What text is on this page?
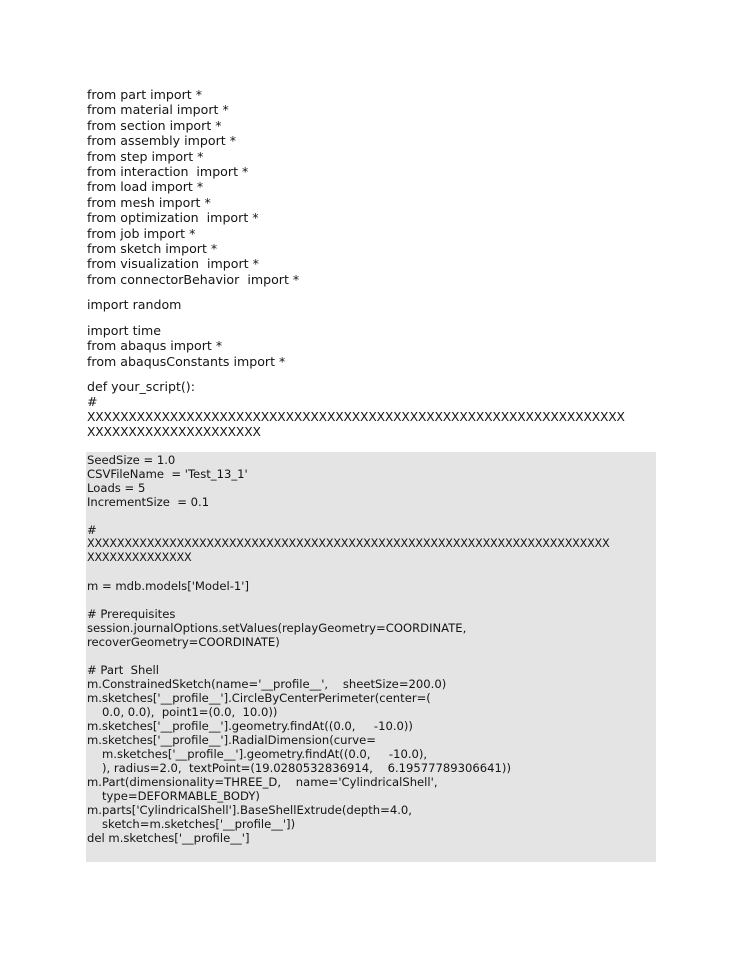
from part import *
from material import *
from section import *
from assembly import *
from step import *
from interaction  import *
from load import *
from mesh import *
from optimization  import *
from job import *
from sketch import *
from visualization  import *
from connectorBehavior  import *
import random
import time
from abaqus import *
from abaqusConstants import *
def your_script():
#
XXXXXXXXXXXXXXXXXXXXXXXXXXXXXXXXXXXXXXXXXXXXXXXXXXXXXXXXXXXXXXXXX
XXXXXXXXXXXXXXXXXXXXX
SeedSize = 1.0
CSVFileName  = 'Test_13_1'
Loads = 5
IncrementSize  = 0.1
#
XXXXXXXXXXXXXXXXXXXXXXXXXXXXXXXXXXXXXXXXXXXXXXXXXXXXXXXXXXXXXXXXXXXXXX
XXXXXXXXXXXXXX
m = mdb.models['Model-1']
# Prerequisites
session.journalOptions.setValues(replayGeometry=COORDINATE,
recoverGeometry=COORDINATE)
# Part  Shell
m.ConstrainedSketch(name='__profile__',    sheetSize=200.0)
m.sketches['__profile__'].CircleByCenterPerimeter(center=(
0.0, 0.0),  point1=(0.0,  10.0))
m.sketches['__profile__'].geometry.findAt((0.0,     -10.0))
m.sketches['__profile__'].RadialDimension(curve=
m.sketches['__profile__'].geometry.findAt((0.0,     -10.0),
), radius=2.0,  textPoint=(19.0280532836914,    6.19577789306641))
m.Part(dimensionality=THREE_D,    name='CylindricalShell',
type=DEFORMABLE_BODY)
m.parts['CylindricalShell'].BaseShellExtrude(depth=4.0,
sketch=m.sketches['__profile__'])
del m.sketches['__profile__']
